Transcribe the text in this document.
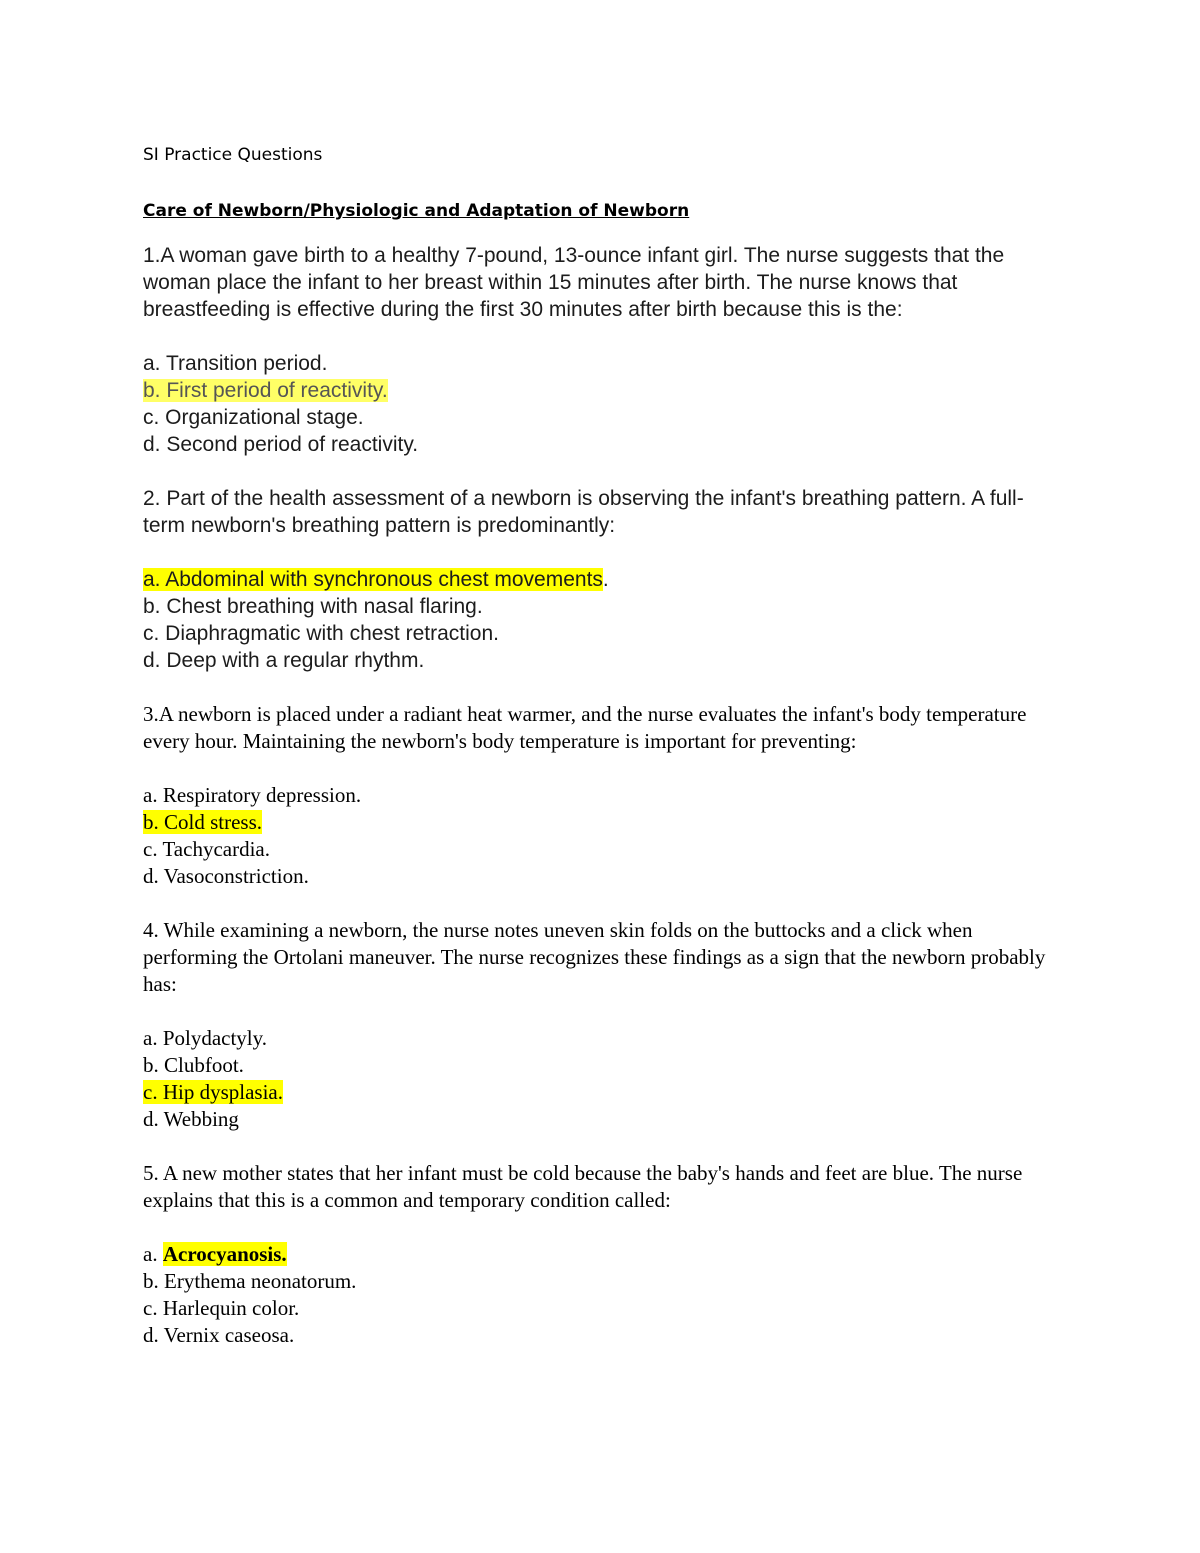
SI Practice Questions
Care of Newborn/Physiologic and Adaptation of Newborn

1.A woman gave birth to a healthy 7-pound, 13-ounce infant girl. The nurse suggests that the woman place the infant to her breast within 15 minutes after birth. The nurse knows that breastfeeding is effective during the first 30 minutes after birth because this is the:

a. Transition period.
b. First period of reactivity.
c. Organizational stage.
d. Second period of reactivity.

2. Part of the health assessment of a newborn is observing the infant's breathing pattern. A full-term newborn's breathing pattern is predominantly:

a. Abdominal with synchronous chest movements.
b. Chest breathing with nasal flaring.
c. Diaphragmatic with chest retraction.
d. Deep with a regular rhythm.

3.A newborn is placed under a radiant heat warmer, and the nurse evaluates the infant's body temperature every hour. Maintaining the newborn's body temperature is important for preventing:

a. Respiratory depression.
b. Cold stress.
c. Tachycardia.
d. Vasoconstriction.

4. While examining a newborn, the nurse notes uneven skin folds on the buttocks and a click when performing the Ortolani maneuver. The nurse recognizes these findings as a sign that the newborn probably has:

a. Polydactyly.
b. Clubfoot.
c. Hip dysplasia.
d. Webbing

5. A new mother states that her infant must be cold because the baby's hands and feet are blue. The nurse explains that this is a common and temporary condition called:

a. Acrocyanosis.
b. Erythema neonatorum.
c. Harlequin color.
d. Vernix caseosa.
